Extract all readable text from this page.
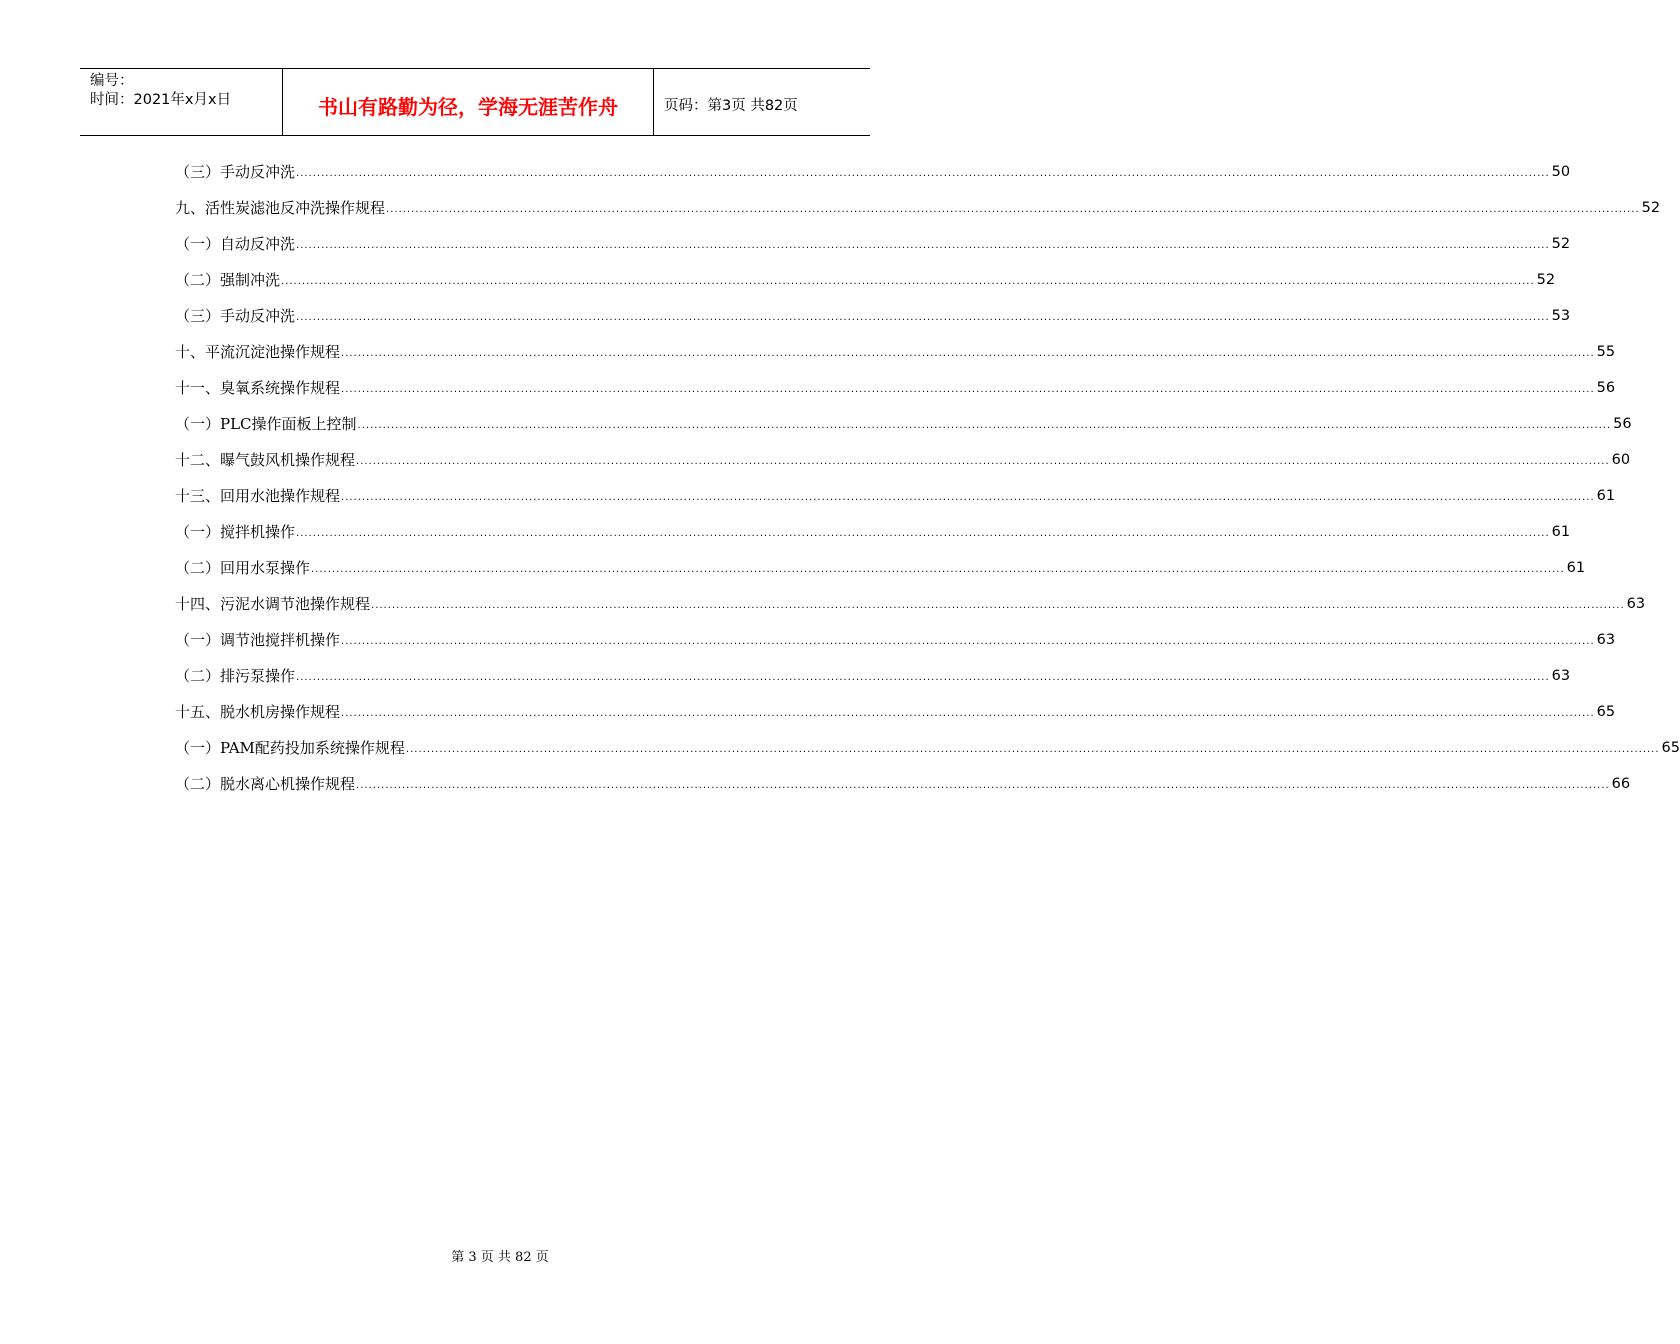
编号：
时间：2021年x月x日	书山有路勤为径，学海无涯苦作舟	页码：第3页 共82页
（三）手动反冲洗 ............................................................................................................................................................................................................................................................................................................ 50
九、活性炭滤池反冲洗操作规程 ............................................................................................................................................................................................................................................................................................................ 52
（一）自动反冲洗 ............................................................................................................................................................................................................................................................................................................ 52
（二）强制冲洗 ............................................................................................................................................................................................................................................................................................................ 52
（三）手动反冲洗 ............................................................................................................................................................................................................................................................................................................ 53
十、平流沉淀池操作规程 ............................................................................................................................................................................................................................................................................................................ 55
十一、臭氧系统操作规程 ............................................................................................................................................................................................................................................................................................................ 56
（一）PLC操作面板上控制 ............................................................................................................................................................................................................................................................................................................ 56
十二、曝气鼓风机操作规程 ............................................................................................................................................................................................................................................................................................................ 60
十三、回用水池操作规程 ............................................................................................................................................................................................................................................................................................................ 61
（一）搅拌机操作 ............................................................................................................................................................................................................................................................................................................ 61
（二）回用水泵操作 ............................................................................................................................................................................................................................................................................................................ 61
十四、污泥水调节池操作规程 ............................................................................................................................................................................................................................................................................................................ 63
（一）调节池搅拌机操作 ............................................................................................................................................................................................................................................................................................................ 63
（二）排污泵操作 ............................................................................................................................................................................................................................................................................................................ 63
十五、脱水机房操作规程 ............................................................................................................................................................................................................................................................................................................ 65
（一）PAM配药投加系统操作规程 ............................................................................................................................................................................................................................................................................................................ 65
（二）脱水离心机操作规程 ............................................................................................................................................................................................................................................................................................................ 66
第 3 页 共 82 页
